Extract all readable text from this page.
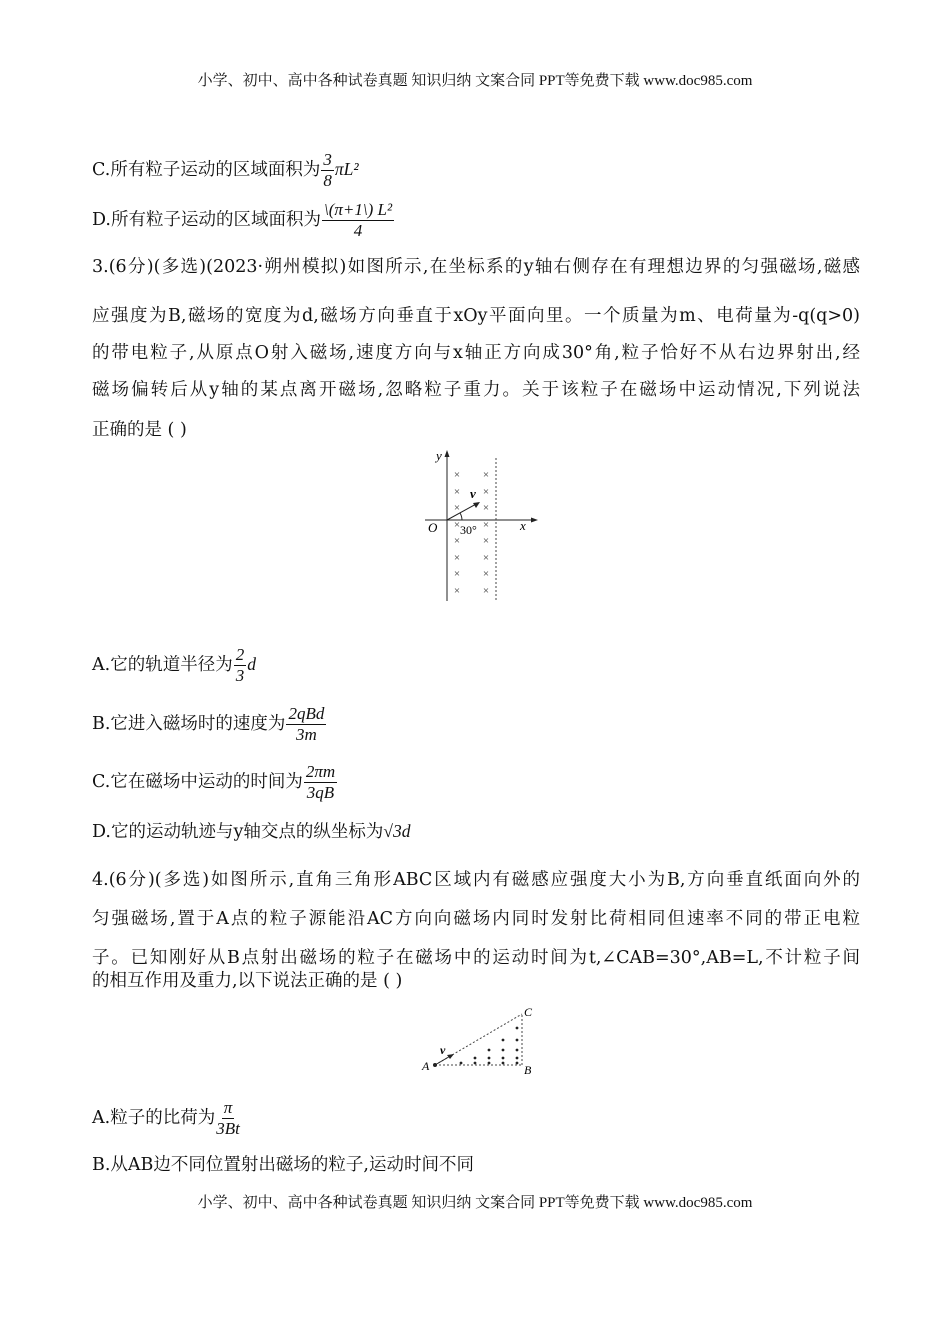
小学、初中、高中各种试卷真题 知识归纳 文案合同 PPT等免费下载 www.doc985.com
C.所有粒子运动的区域面积为 $\frac{3}{8} \pi L^2$
D.所有粒子运动的区域面积为 $\frac{\text{\textbackslash{}(π+1\textbackslash{}) L²}}{4}$
3.(6分)(多选)(2023·朔州模拟)如图所示,在坐标系的y轴右侧存在有理想边界的匀强磁场,磁感
应强度为B,磁场的宽度为d,磁场方向垂直于xOy平面向里。一个质量为m、电荷量为-q(q>0)
的带电粒子,从原点O射入磁场,速度方向与x轴正方向成30°角,粒子恰好不从右边界射出,经
磁场偏转后从y轴的某点离开磁场,忽略粒子重力。关于该粒子在磁场中运动情况,下列说法
正确的是 ( )
× ×
× ×
× ×
× ×
× ×
× ×
× ×
× ×
y
x
O
v
30°
A.它的轨道半径为 $\frac{2}{3}$ d
B.它进入磁场时的速度为 $\frac{\text{2qBd}}{3m}$
C.它在磁场中运动的时间为 $\frac{2\pi m}{3qB}$
D.它的运动轨迹与y轴交点的纵坐标为√3d
4.(6分)(多选)如图所示,直角三角形ABC区域内有磁感应强度大小为B,方向垂直纸面向外的
匀强磁场,置于A点的粒子源能沿AC方向向磁场内同时发射比荷相同但速率不同的带正电粒
子。已知刚好从B点射出磁场的粒子在磁场中的运动时间为t,∠CAB=30°,AB=L,不计粒子间
的相互作用及重力,以下说法正确的是 ( )
A	B
C
v
A.粒子的比荷为 $\frac{\pi}{3Bt}$
B.从AB边不同位置射出磁场的粒子,运动时间不同
小学、初中、高中各种试卷真题 知识归纳 文案合同 PPT等免费下载 www.doc985.com
